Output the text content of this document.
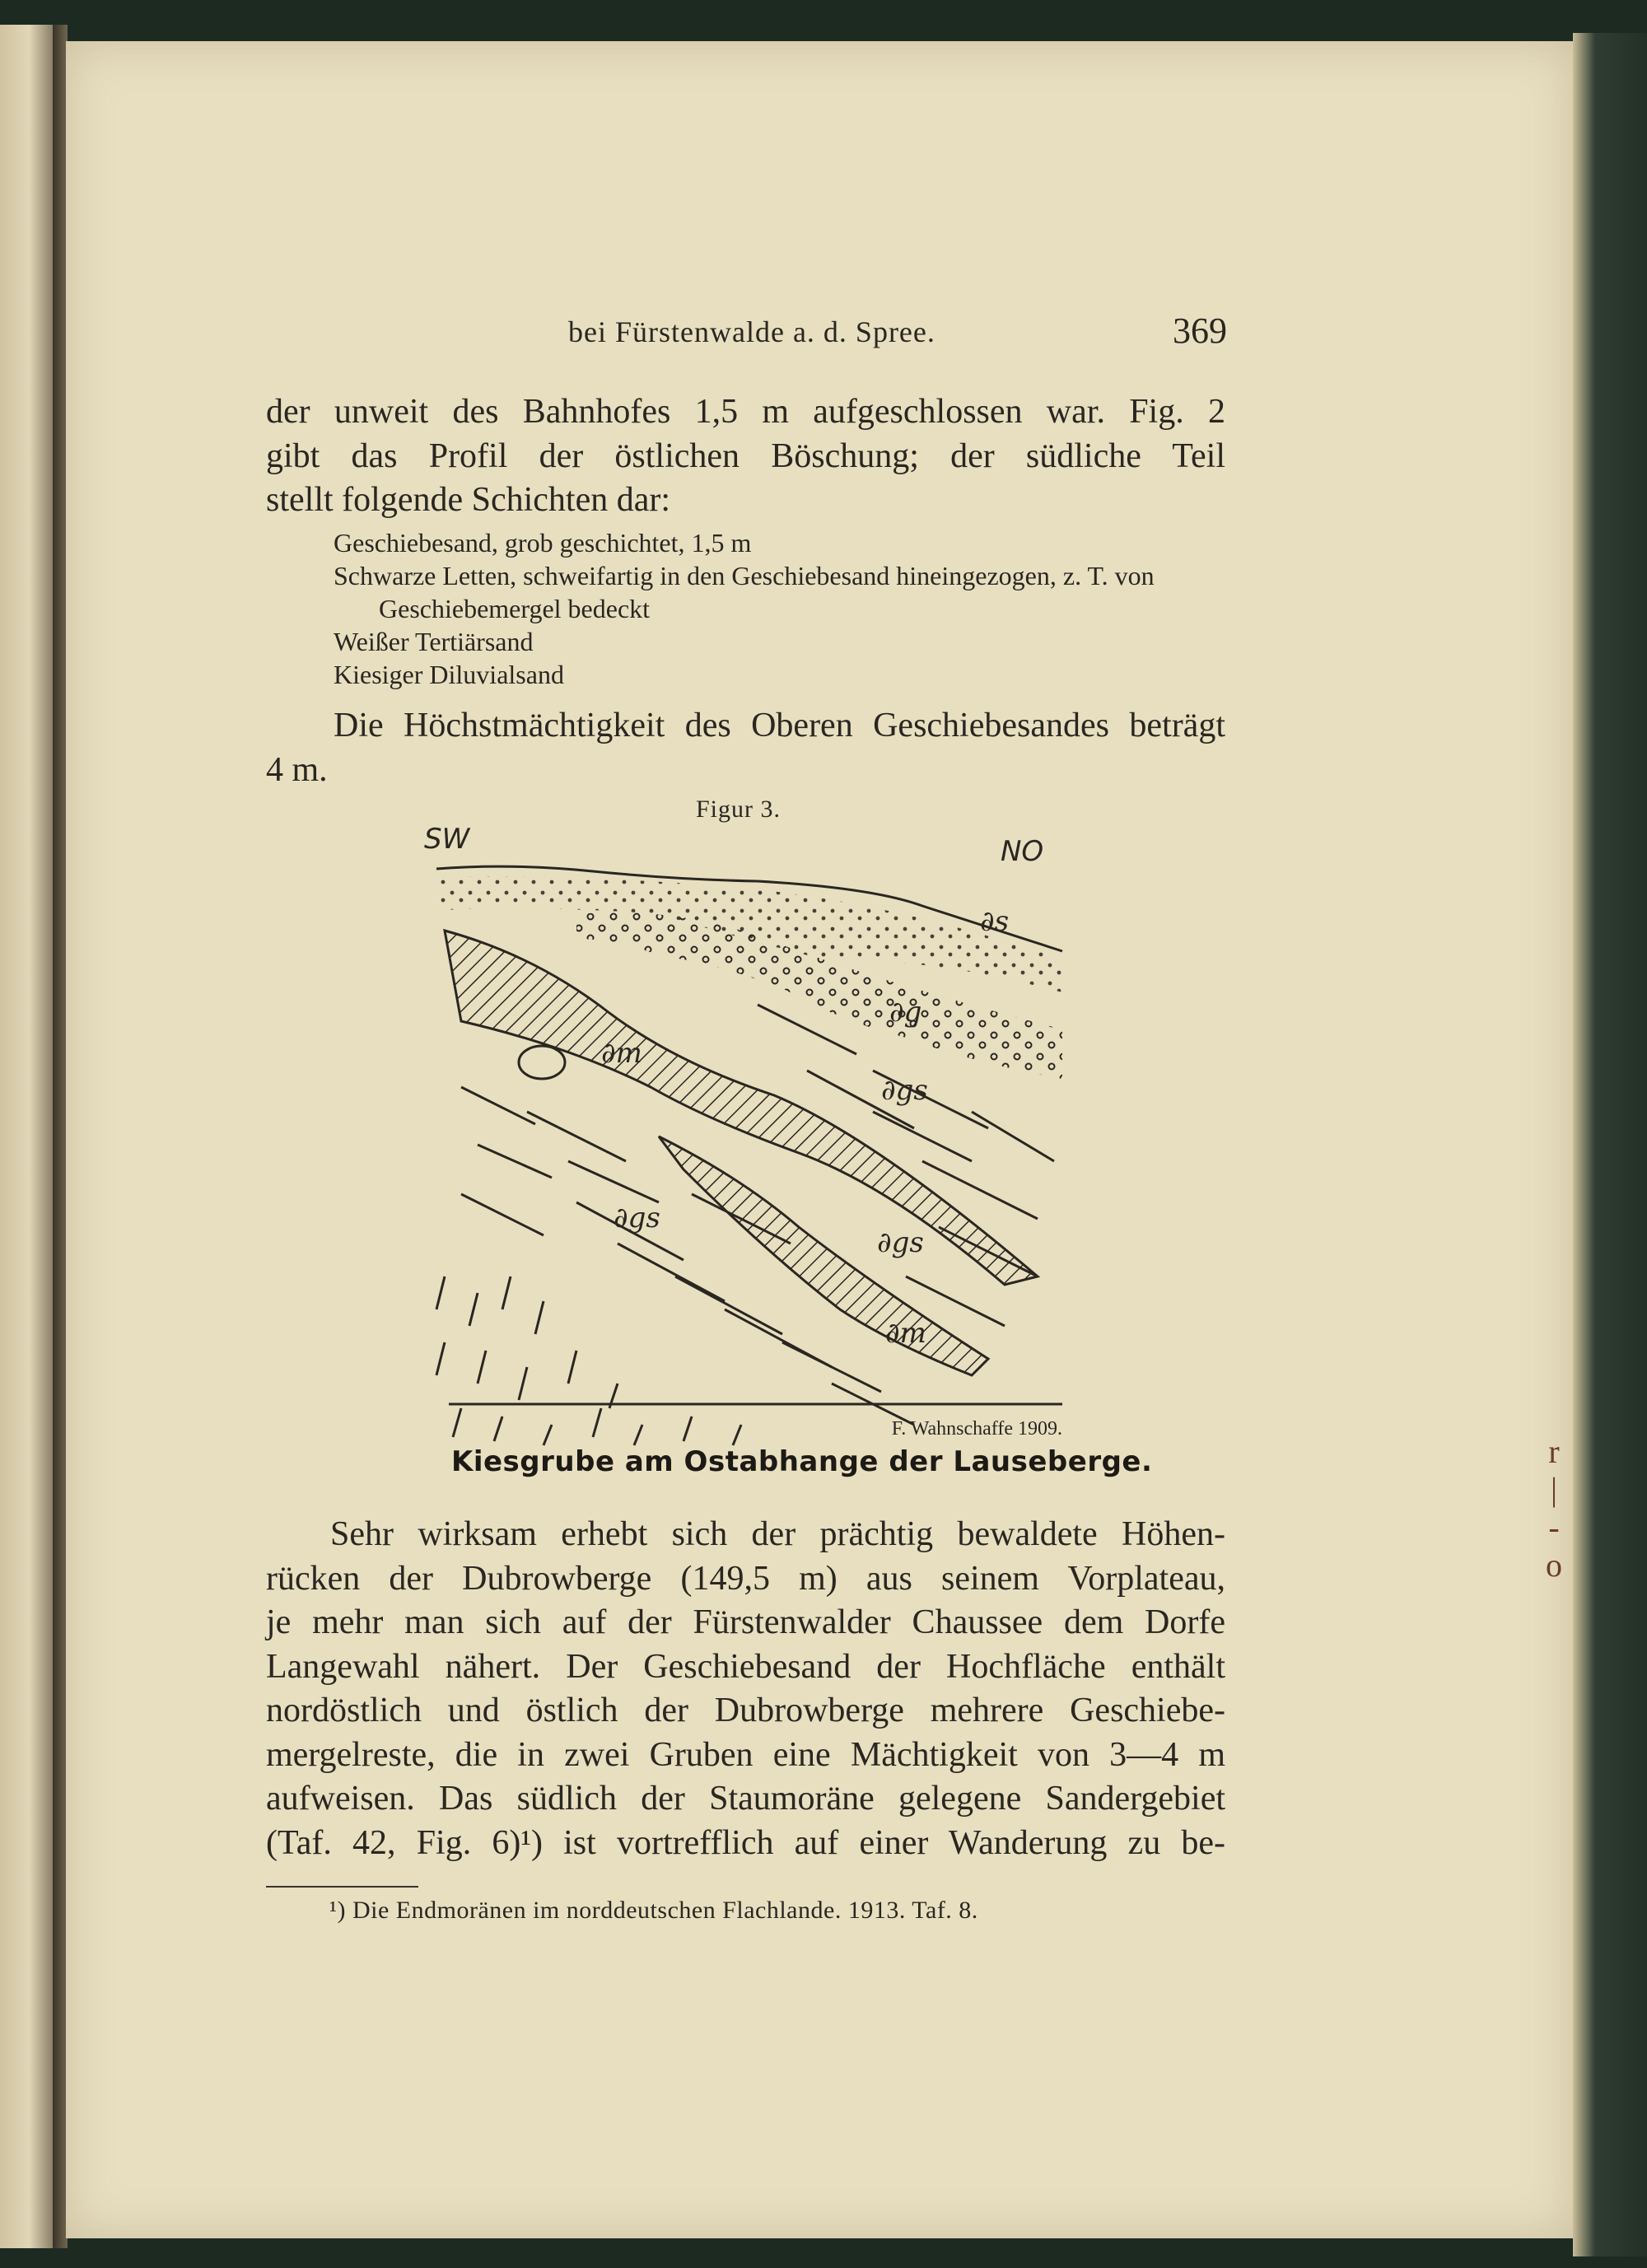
bei Fürstenwalde a. d. Spree.	369
der unweit des Bahnhofes 1,5 m aufgeschlossen war. Fig. 2
gibt das Profil der östlichen Böschung; der südliche Teil
stellt folgende Schichten dar:
Geschiebesand, grob geschichtet, 1,5 m
Schwarze Letten, schweifartig in den Geschiebesand hineingezogen, z. T. von
Geschiebemergel bedeckt
Weißer Tertiärsand
Kiesiger Diluvialsand
Die Höchstmächtigkeit des Oberen Geschiebesandes beträgt
4 m.
Figur 3.
SW	NO
∂s
∂g
∂gs
∂gs
∂gs
∂m
∂m
F. Wahnschaffe 1909.
Kiesgrube am Ostabhange der Lauseberge.
Sehr wirksam erhebt sich der prächtig bewaldete Höhen-
rücken der Dubrowberge (149,5 m) aus seinem Vorplateau,
je mehr man sich auf der Fürstenwalder Chaussee dem Dorfe
Langewahl nähert. Der Geschiebesand der Hochfläche enthält
nordöstlich und östlich der Dubrowberge mehrere Geschiebe-
mergelreste, die in zwei Gruben eine Mächtigkeit von 3—4 m
aufweisen. Das südlich der Staumoräne gelegene Sandergebiet
(Taf. 42, Fig. 6)¹) ist vortrefflich auf einer Wanderung zu be-
¹) Die Endmoränen im norddeutschen Flachlande. 1913. Taf. 8.
r | - o
